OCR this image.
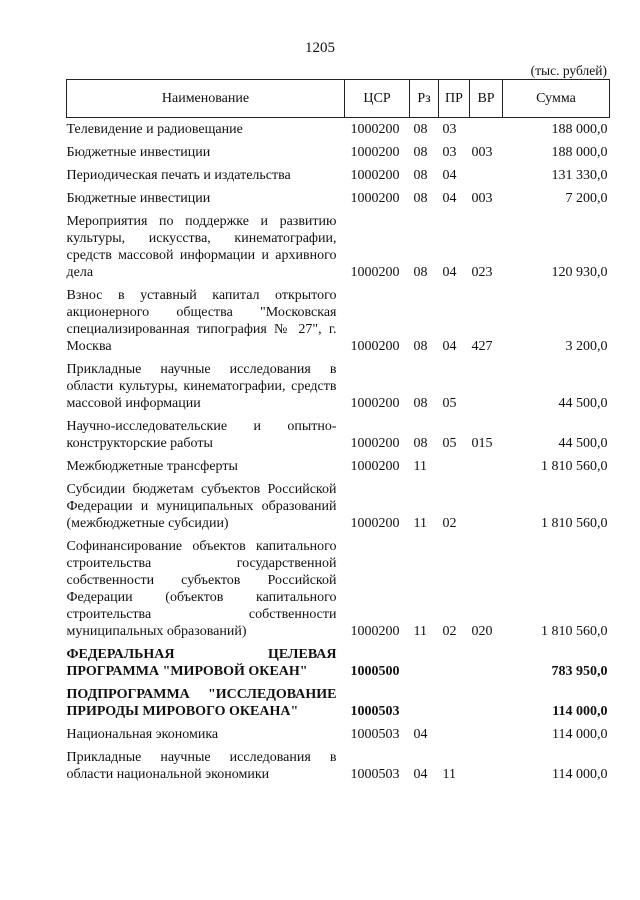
1205
(тыс. рублей)
Наименование	ЦСР	Рз	ПР	ВР	Сумма
Телевидение и радиовещание	1000200	08	03		188 000,0
Бюджетные инвестиции	1000200	08	03	003	188 000,0
Периодическая печать и издательства	1000200	08	04		131 330,0
Бюджетные инвестиции	1000200	08	04	003	7 200,0
Мероприятия по поддержке и развитию культуры, искусства, кинематографии, средств массовой информации и архивного дела	1000200	08	04	023	120 930,0
Взнос в уставный капитал открытого акционерного общества "Московская специализированная типография № 27", г. Москва	1000200	08	04	427	3 200,0
Прикладные научные исследования в области культуры, кинематографии, средств массовой информации	1000200	08	05		44 500,0
Научно-исследовательские и опытно-конструкторские работы	1000200	08	05	015	44 500,0
Межбюджетные трансферты	1000200	11			1 810 560,0
Субсидии бюджетам субъектов Российской Федерации и муниципальных образований (межбюджетные субсидии)	1000200	11	02		1 810 560,0
Софинансирование объектов капитального строительства государственной собственности субъектов Российской Федерации (объектов капитального строительства собственности муниципальных образований)	1000200	11	02	020	1 810 560,0
ФЕДЕРАЛЬНАЯ ЦЕЛЕВАЯ ПРОГРАММА "МИРОВОЙ ОКЕАН"	1000500				783 950,0
ПОДПРОГРАММА "ИССЛЕДОВАНИЕ ПРИРОДЫ МИРОВОГО ОКЕАНА"	1000503				114 000,0
Национальная экономика	1000503	04			114 000,0
Прикладные научные исследования в области национальной экономики	1000503	04	11		114 000,0
